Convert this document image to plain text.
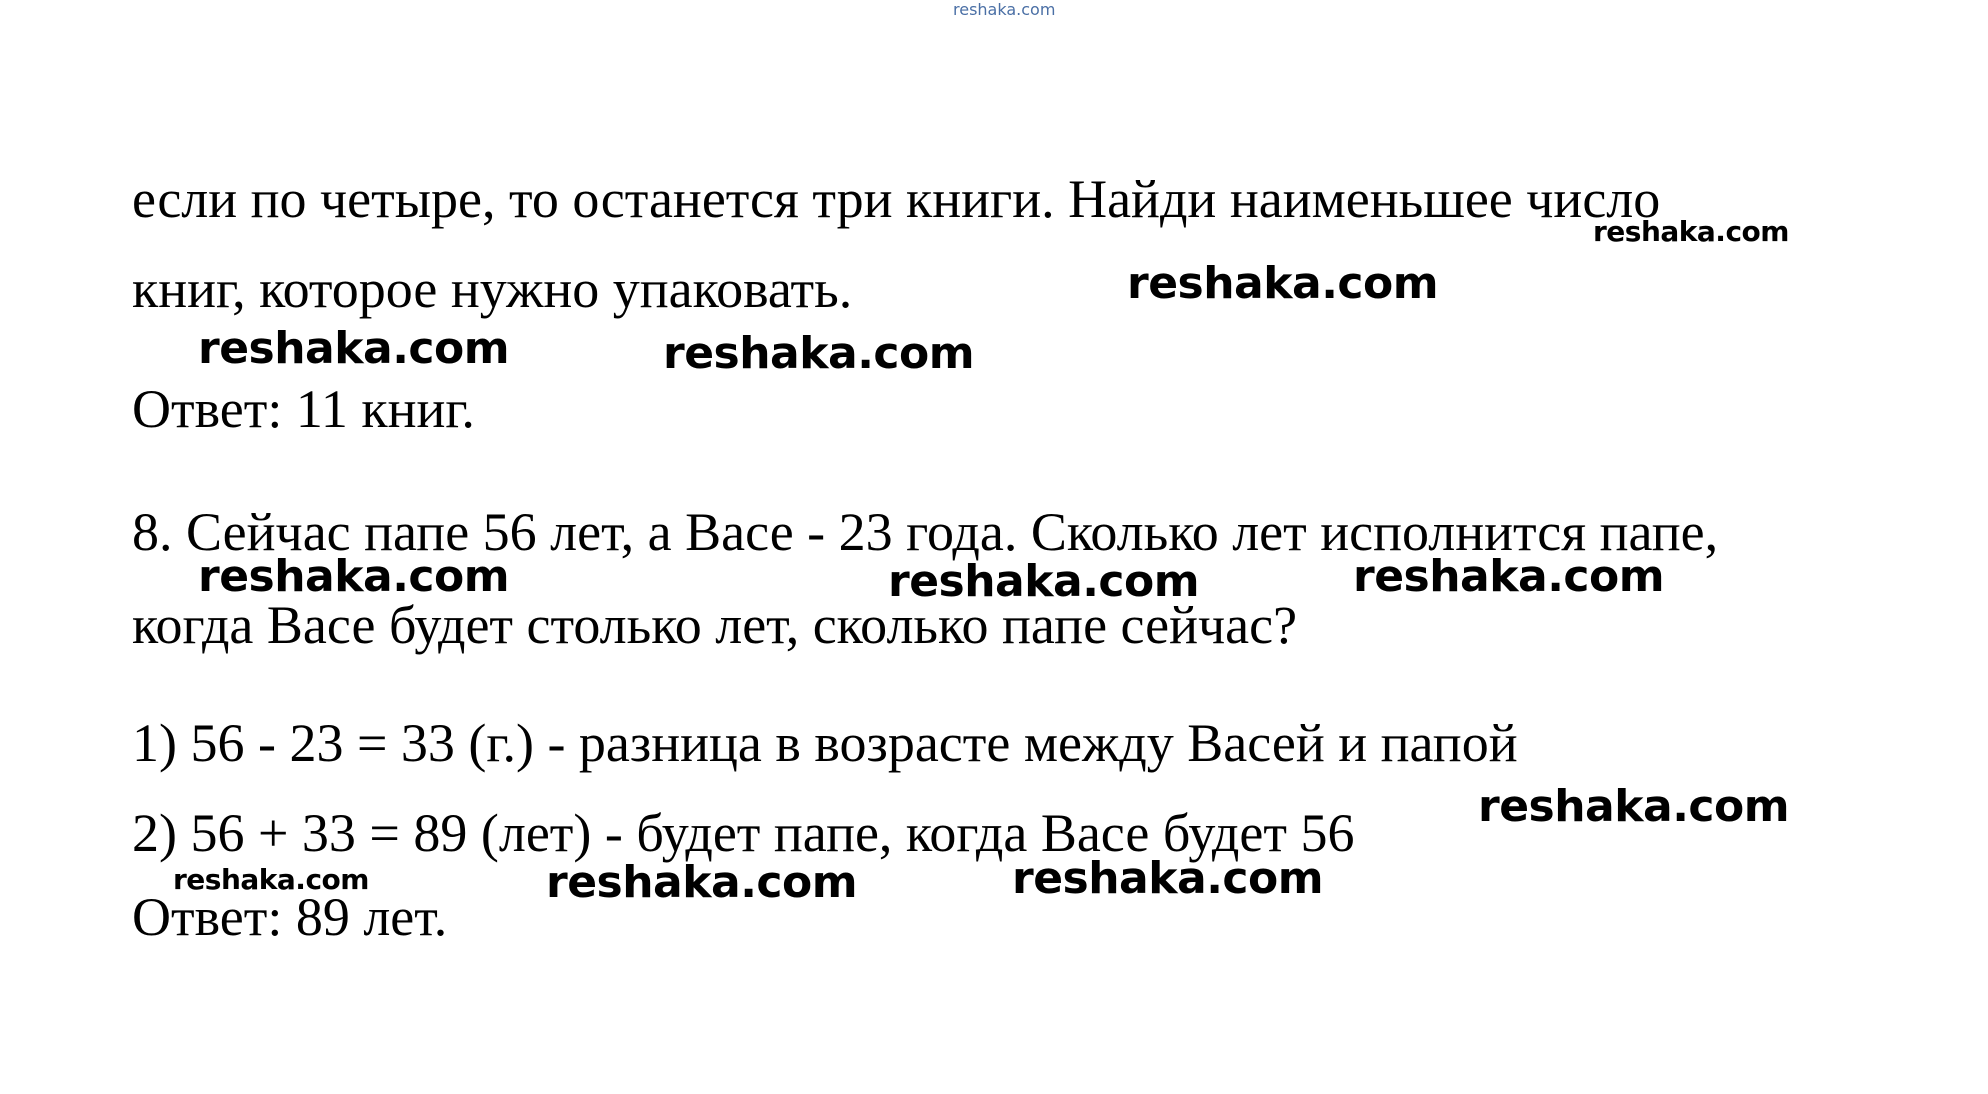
reshaka.com

если по четыре, то останется три книги. Найди наименьшее число

книг, которое нужно упаковать.

Ответ: 11 книг.

8. Сейчас папе 56 лет, а Васе - 23 года. Сколько лет исполнится папе,

когда Васе будет столько лет, сколько папе сейчас?

1) 56 - 23 = 33 (г.) - разница в возрасте между Васей и папой

2) 56 + 33 = 89 (лет) - будет папе, когда Васе будет 56

Ответ: 89 лет.

reshaka.com
reshaka.com
reshaka.com	reshaka.com
reshaka.com	reshaka.com	reshaka.com
reshaka.com
reshaka.com	reshaka.com	reshaka.com
